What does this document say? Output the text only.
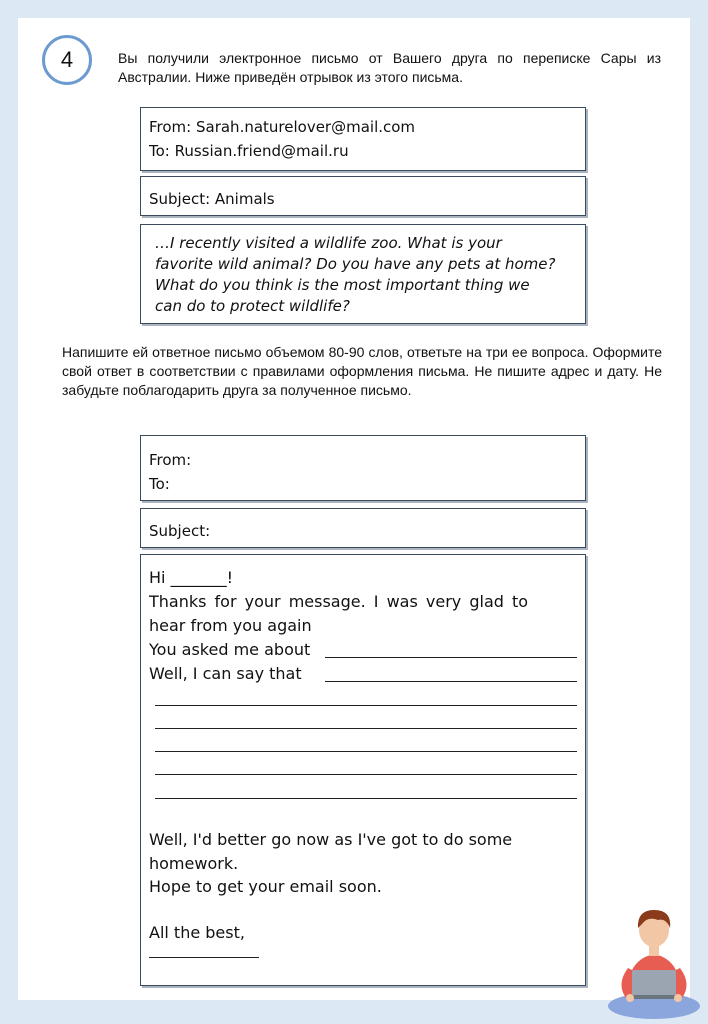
4	Вы получили электронное письмо от Вашего друга по переписке Сары из Австралии. Ниже приведён отрывок из этого письма.
From: Sarah.naturelover@mail.com
To: Russian.friend@mail.ru
Subject: Animals
…I recently visited a wildlife zoo. What is your
favorite wild animal? Do you have any pets at home?
What do you think is the most important thing we
can do to protect wildlife?
Напишите ей ответное письмо объемом 80-90 слов, ответьте на три ее вопроса. Оформите свой ответ в соответствии с правилами оформления письма. Не пишите адрес и дату. Не забудьте поблагодарить друга за полученное письмо.
From:
To:
Subject:
Hi _______!
Thanks for your message. I was very glad to
hear from you again
You asked me about
Well, I can say that
Well, I'd better go now as I've got to do some
homework.
Hope to get your email soon.
All the best,
